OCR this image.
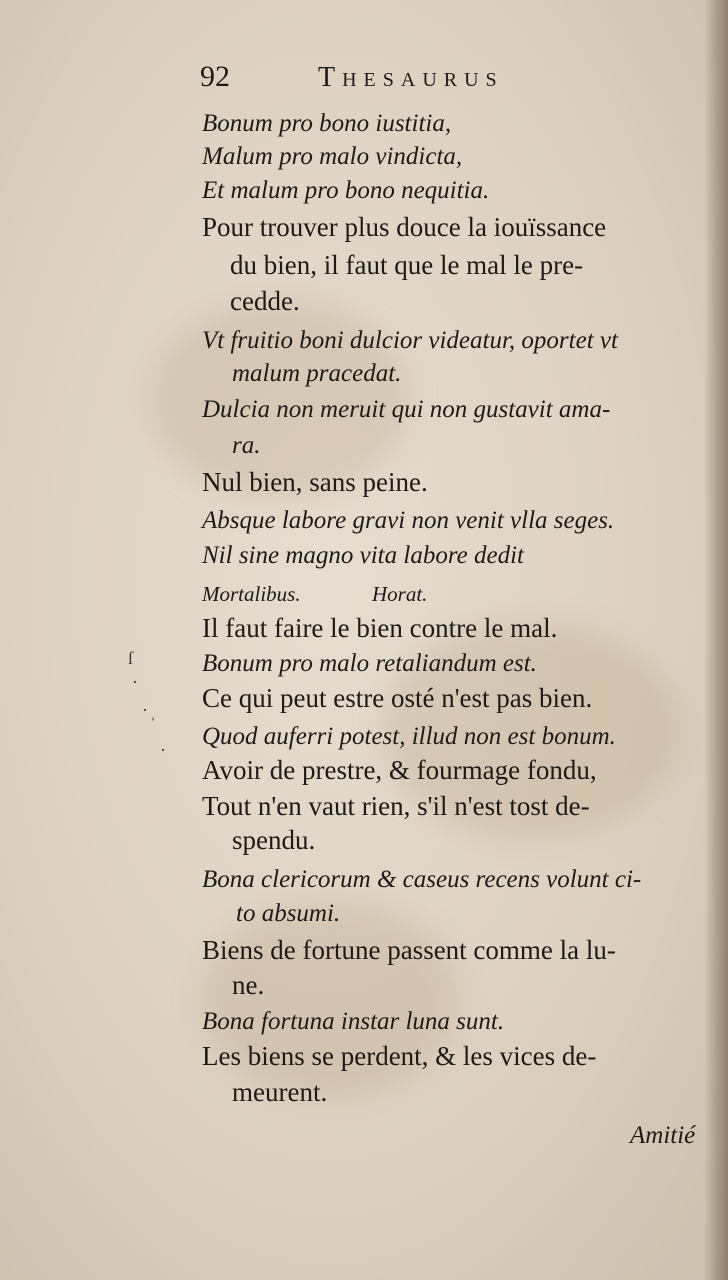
92	Thesaurus
Bonum pro bono iustitia,
Malum pro malo vindicta,
Et malum pro bono nequitia.
Pour trouver plus douce la iouïssance
du bien, il faut que le mal le pre-
cedde.
Vt fruitio boni dulcior videatur, oportet vt
malum pracedat.
Dulcia non meruit qui non gustavit ama-
ra.
Nul bien, sans peine.
Absque labore gravi non venit vlla seges.
Nil sine magno vita labore dedit
Mortalibus.	Horat.
Il faut faire le bien contre le mal.
Bonum pro malo retaliandum est.
Ce qui peut estre osté n'est pas bien.
Quod auferri potest, illud non est bonum.
Avoir de prestre, & fourmage fondu,
Tout n'en vaut rien, s'il n'est tost de-
spendu.
Bona clericorum & caseus recens volunt ci-
to absumi.
Biens de fortune passent comme la lu-
ne.
Bona fortuna instar luna sunt.
Les biens se perdent, & les vices de-
meurent.
Amitié
ſ
·
·
ˈ
·
